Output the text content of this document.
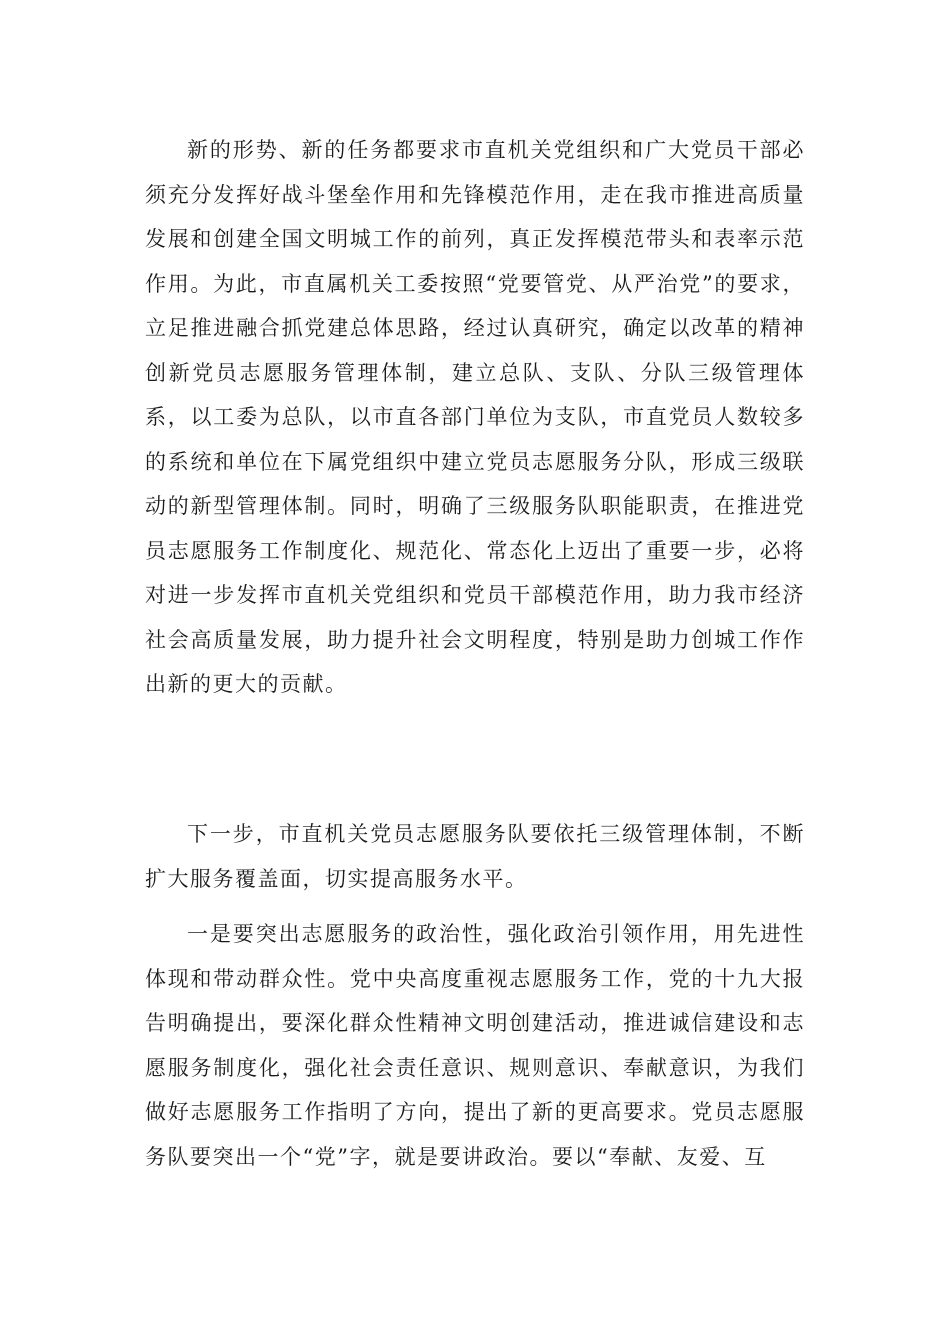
新的形势、新的任务都要求市直机关党组织和广大党员干部必须充分发挥好战斗堡垒作用和先锋模范作用，走在我市推进高质量发展和创建全国文明城工作的前列，真正发挥模范带头和表率示范作用。为此，市直属机关工委按照“党要管党、从严治党”的要求，立足推进融合抓党建总体思路，经过认真研究，确定以改革的精神创新党员志愿服务管理体制，建立总队、支队、分队三级管理体系，以工委为总队，以市直各部门单位为支队，市直党员人数较多的系统和单位在下属党组织中建立党员志愿服务分队，形成三级联动的新型管理体制。同时，明确了三级服务队职能职责，在推进党员志愿服务工作制度化、规范化、常态化上迈出了重要一步，必将对进一步发挥市直机关党组织和党员干部模范作用，助力我市经济社会高质量发展，助力提升社会文明程度，特别是助力创城工作作出新的更大的贡献。

下一步，市直机关党员志愿服务队要依托三级管理体制，不断扩大服务覆盖面，切实提高服务水平。

一是要突出志愿服务的政治性，强化政治引领作用，用先进性体现和带动群众性。党中央高度重视志愿服务工作，党的十九大报告明确提出，要深化群众性精神文明创建活动，推进诚信建设和志愿服务制度化，强化社会责任意识、规则意识、奉献意识，为我们做好志愿服务工作指明了方向，提出了新的更高要求。党员志愿服务队要突出一个“党”字，就是要讲政治。要以“奉献、友爱、互
